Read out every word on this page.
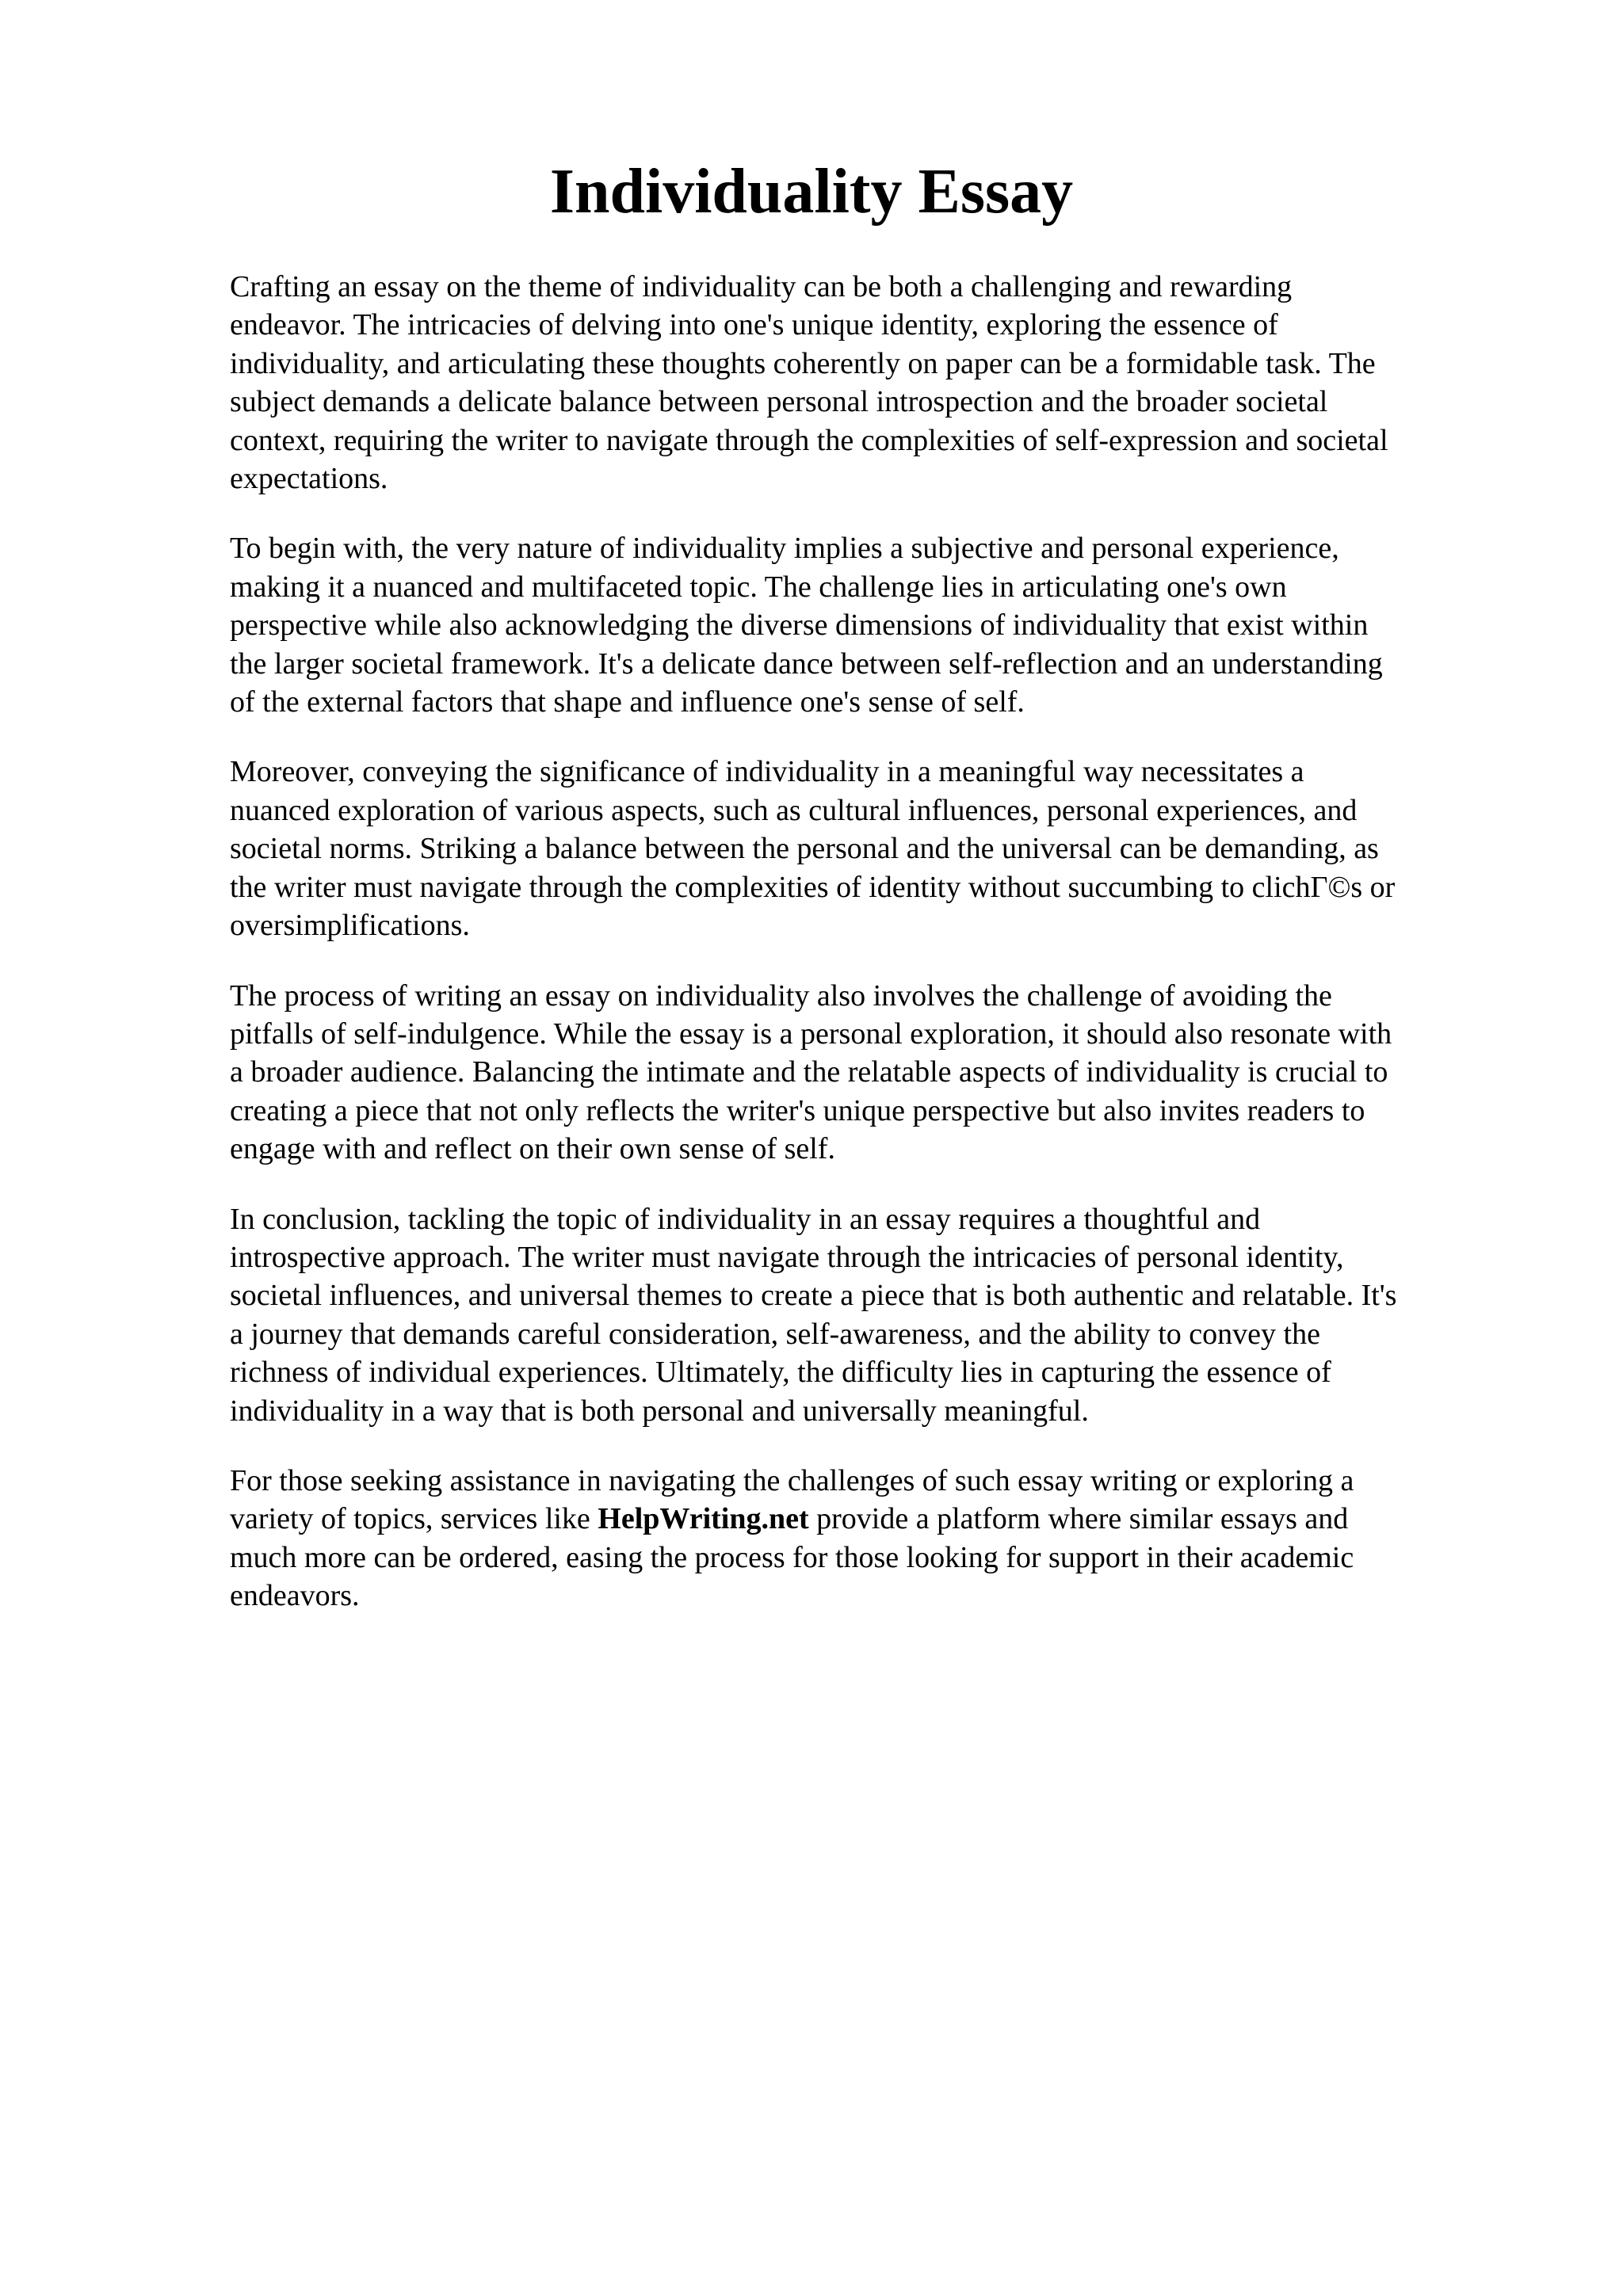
Individuality Essay

Crafting an essay on the theme of individuality can be both a challenging and rewarding
endeavor. The intricacies of delving into one's unique identity, exploring the essence of
individuality, and articulating these thoughts coherently on paper can be a formidable task. The
subject demands a delicate balance between personal introspection and the broader societal
context, requiring the writer to navigate through the complexities of self-expression and societal
expectations.

To begin with, the very nature of individuality implies a subjective and personal experience,
making it a nuanced and multifaceted topic. The challenge lies in articulating one's own
perspective while also acknowledging the diverse dimensions of individuality that exist within
the larger societal framework. It's a delicate dance between self-reflection and an understanding
of the external factors that shape and influence one's sense of self.

Moreover, conveying the significance of individuality in a meaningful way necessitates a
nuanced exploration of various aspects, such as cultural influences, personal experiences, and
societal norms. Striking a balance between the personal and the universal can be demanding, as
the writer must navigate through the complexities of identity without succumbing to clichГ©s or
oversimplifications.

The process of writing an essay on individuality also involves the challenge of avoiding the
pitfalls of self-indulgence. While the essay is a personal exploration, it should also resonate with
a broader audience. Balancing the intimate and the relatable aspects of individuality is crucial to
creating a piece that not only reflects the writer's unique perspective but also invites readers to
engage with and reflect on their own sense of self.

In conclusion, tackling the topic of individuality in an essay requires a thoughtful and
introspective approach. The writer must navigate through the intricacies of personal identity,
societal influences, and universal themes to create a piece that is both authentic and relatable. It's
a journey that demands careful consideration, self-awareness, and the ability to convey the
richness of individual experiences. Ultimately, the difficulty lies in capturing the essence of
individuality in a way that is both personal and universally meaningful.

For those seeking assistance in navigating the challenges of such essay writing or exploring a
variety of topics, services like HelpWriting.net provide a platform where similar essays and
much more can be ordered, easing the process for those looking for support in their academic
endeavors.
